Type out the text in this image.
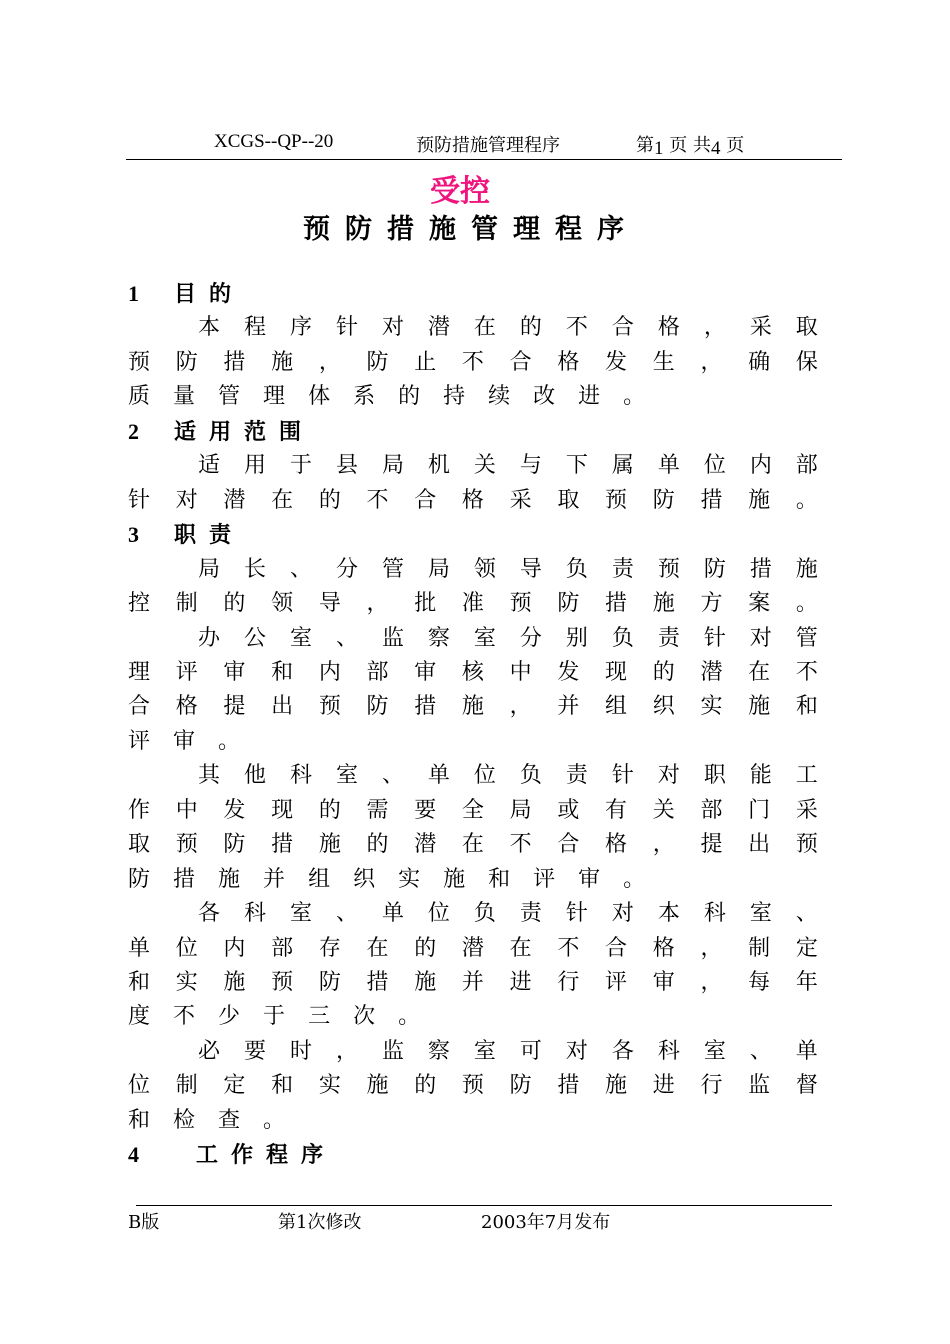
XCGS--QP--20	预防措施管理程序	第1 页 共4 页
受控
预防措施管理程序
1 目的
本 程 序 针 对 潜 在 的 不 合 格 ， 采 取
预 防 措 施 ， 防 止 不 合 格 发 生 ， 确 保
质 量 管 理 体 系 的 持 续 改 进 。
2 适用范围
适 用 于 县 局 机 关 与 下 属 单 位 内 部
针 对 潜 在 的 不 合 格 采 取 预 防 措 施 。
3 职责
局 长 、 分 管 局 领 导 负 责 预 防 措 施
控 制 的 领 导 ， 批 准 预 防 措 施 方 案 。
办 公 室 、 监 察 室 分 别 负 责 针 对 管
理 评 审 和 内 部 审 核 中 发 现 的 潜 在 不
合 格 提 出 预 防 措 施 ， 并 组 织 实 施 和
评 审 。
其 他 科 室 、 单 位 负 责 针 对 职 能 工
作 中 发 现 的 需 要 全 局 或 有 关 部 门 采
取 预 防 措 施 的 潜 在 不 合 格 ， 提 出 预
防 措 施 并 组 织 实 施 和 评 审 。
各 科 室 、 单 位 负 责 针 对 本 科 室 、
单 位 内 部 存 在 的 潜 在 不 合 格 ， 制 定
和 实 施 预 防 措 施 并 进 行 评 审 ， 每 年
度 不 少 于 三 次 。
必 要 时 ， 监 察 室 可 对 各 科 室 、 单
位 制 定 和 实 施 的 预 防 措 施 进 行 监 督
和 检 查 。
4	工作程序
B版	第1次修改	2003年7月发布
